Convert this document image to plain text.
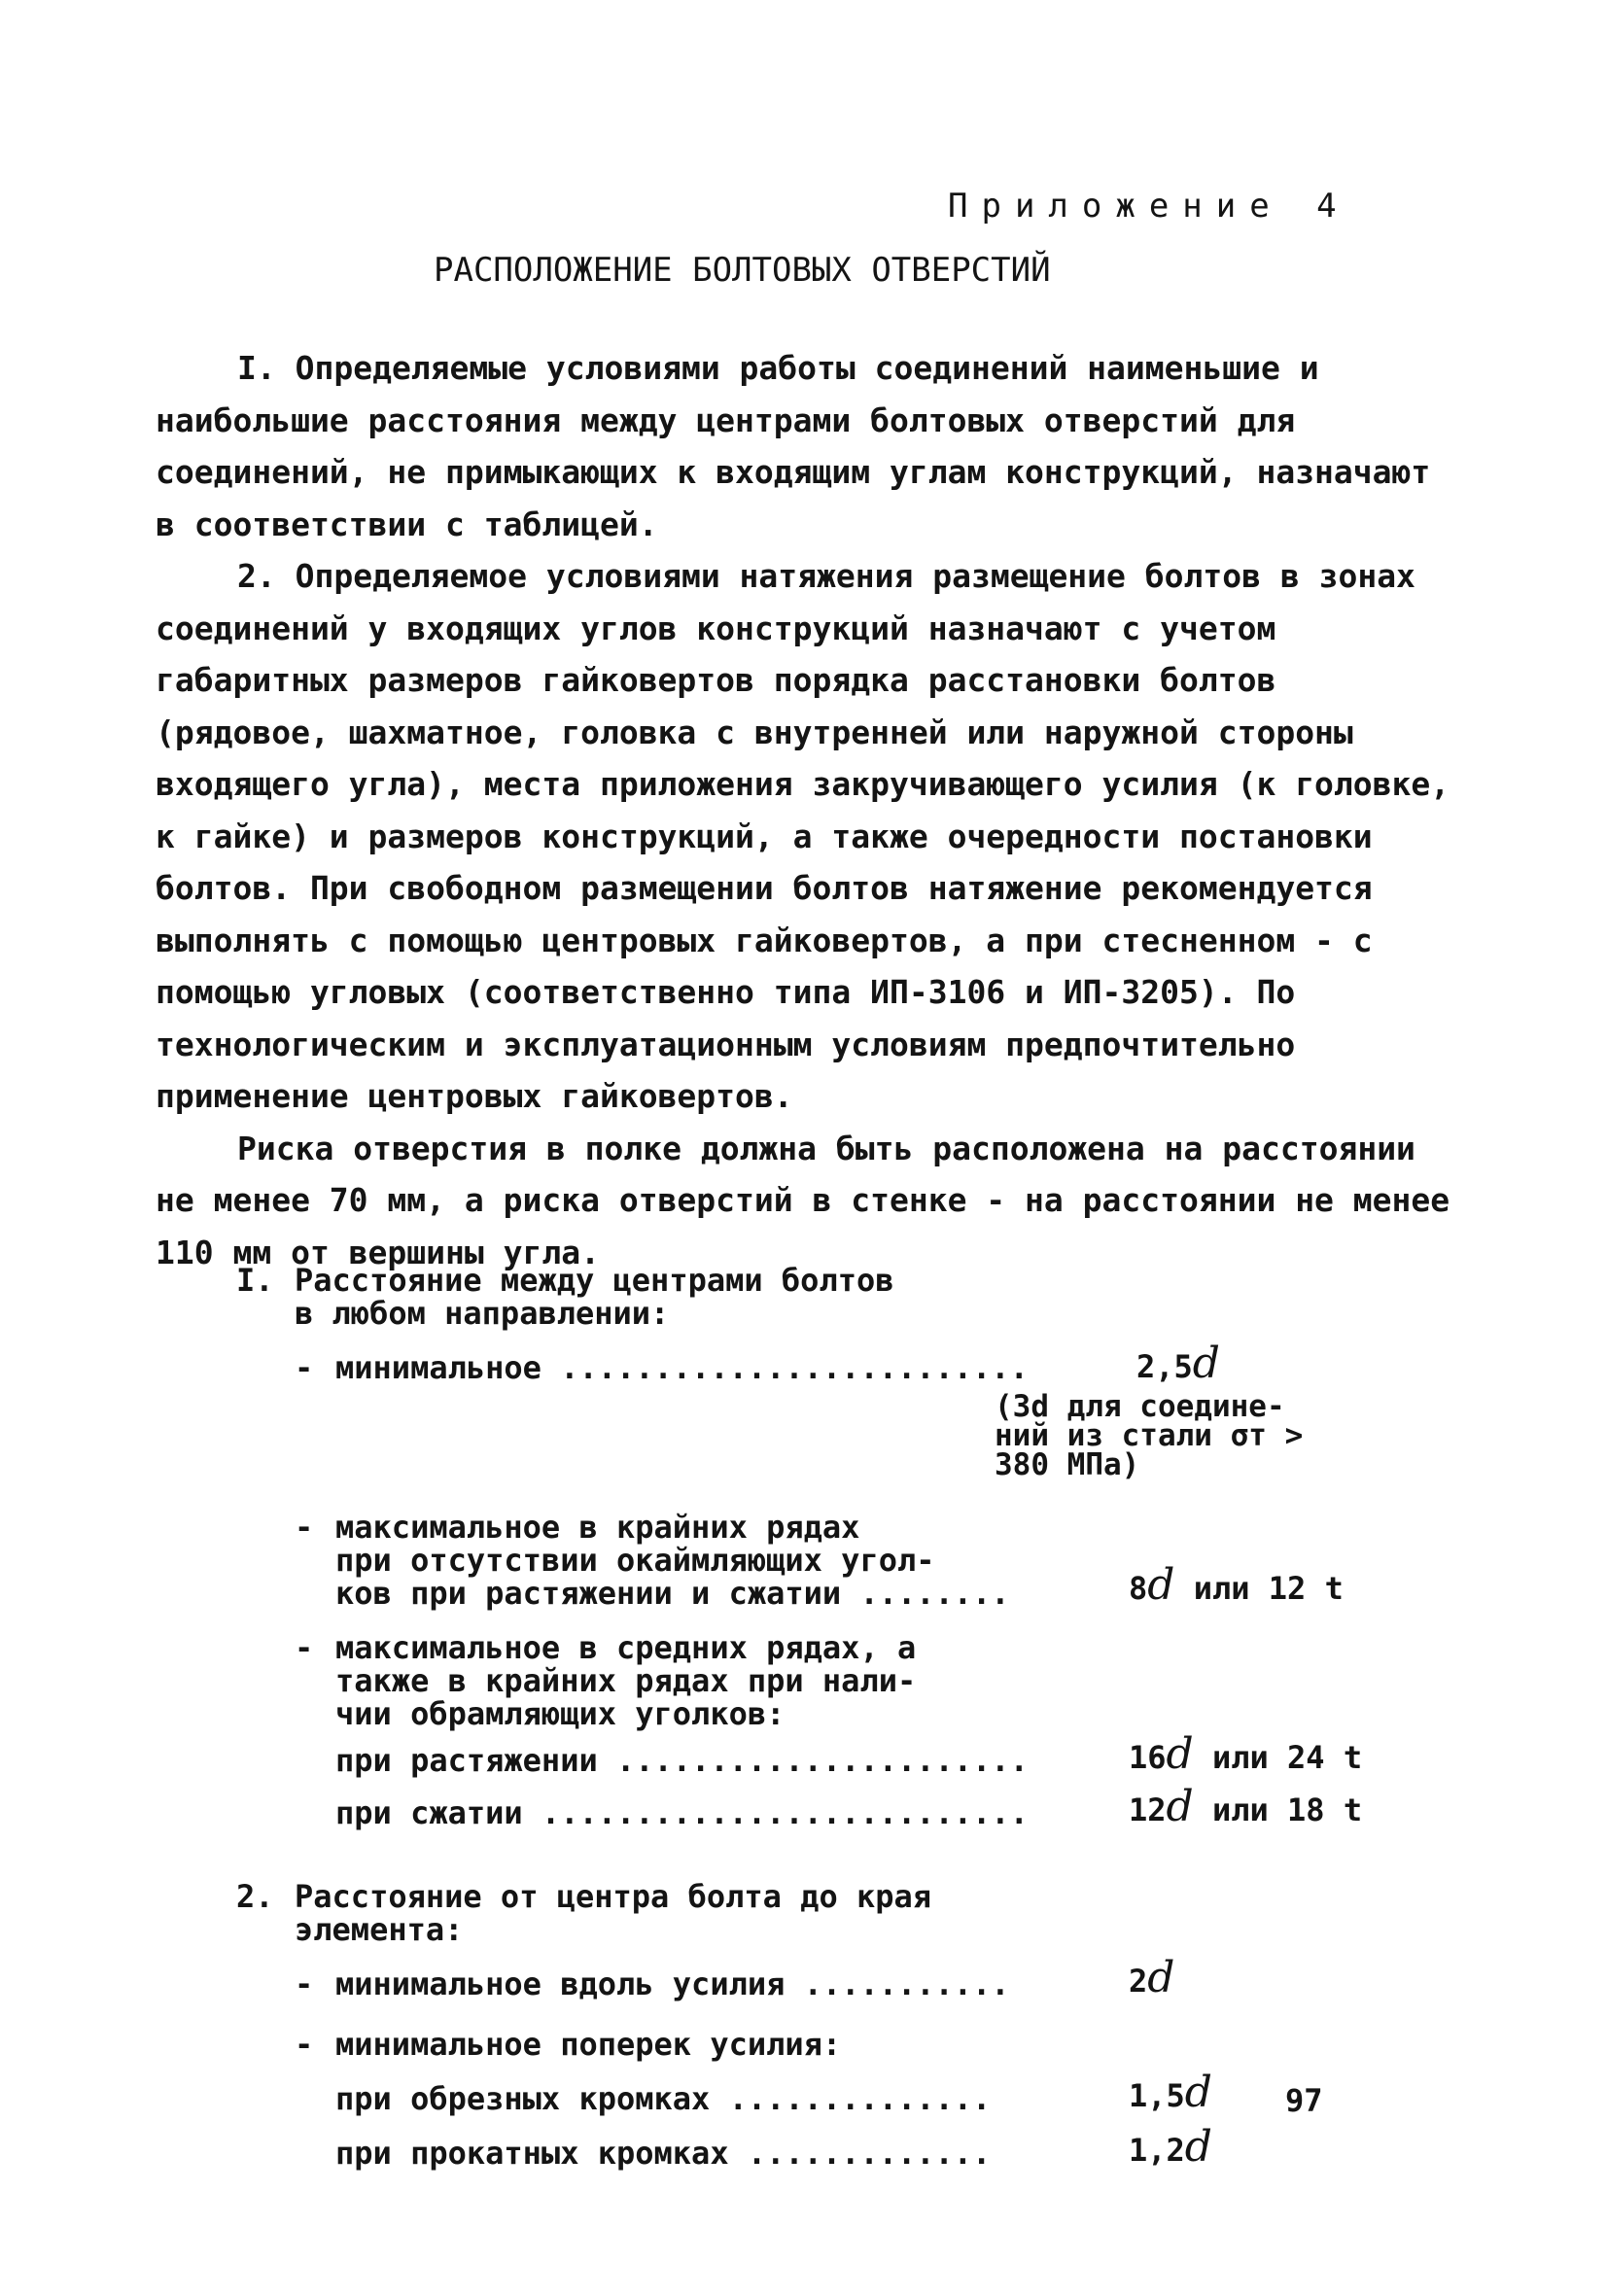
Приложение 4
РАСПОЛОЖЕНИЕ БОЛТОВЫХ ОТВЕРСТИЙ

I. Определяемые условиями работы соединений наименьшие и наибольшие расстояния между центрами болтовых отверстий для соединений, не примыкающих к входящим углам конструкций, назначают в соответствии с таблицей.

2. Определяемое условиями натяжения размещение болтов в зонах соединений у входящих углов конструкций назначают с учетом габаритных размеров гайковертов порядка расстановки болтов (рядовое, шахматное, головка с внутренней или наружной стороны входящего угла), места приложения закручивающего усилия (к головке, к гайке) и размеров конструкций, а также очередности постановки болтов. При свободном размещении болтов натяжение рекомендуется выполнять с помощью центровых гайковертов, а при стесненном - с помощью угловых (соответственно типа ИП-3106 и ИП-3205). По технологическим и эксплуатационным условиям предпочтительно применение центровых гайковертов.

Риска отверстия в полке должна быть расположена на расстоянии не менее 70 мм, а риска отверстий в стенке - на расстоянии не менее 110 мм от вершины угла.

I. Расстояние между центрами болтов
в любом направлении:
- минимальное .........................	2,5d
(3d для соедине-
ний из стали σт >
380 МПа)
- максимальное в крайних рядах
при отсутствии окаймляющих угол-
ков при растяжении и сжатии ........	8d или 12 t
- максимальное в средних рядах, а
также в крайних рядах при нали-
чии обрамляющих уголков:
при растяжении ......................	16d или 24 t
при сжатии ..........................	12d или 18 t
2. Расстояние от центра болта до края
элемента:
- минимальное вдоль усилия ...........	2d
- минимальное поперек усилия:
при обрезных кромках ..............	1,5d
при прокатных кромках .............	1,2d
97
